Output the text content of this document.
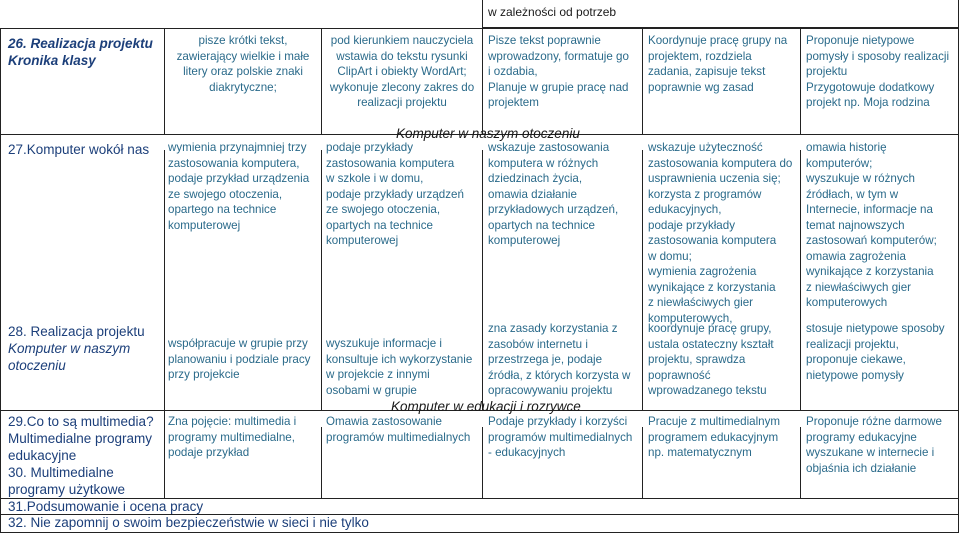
w zależności od potrzeb
26. Realizacja projektu
Kronika klasy
pisze krótki tekst,
zawierający wielkie i małe
litery oraz polskie znaki
diakrytyczne;
pod kierunkiem nauczyciela
wstawia do tekstu rysunki
ClipArt i obiekty WordArt;
wykonuje zlecony zakres do
realizacji projektu
Pisze tekst poprawnie
wprowadzony, formatuje go
i ozdabia,
Planuje w grupie pracę nad
projektem
Koordynuje pracę grupy na
projektem, rozdziela
zadania, zapisuje tekst
poprawnie wg zasad
Proponuje nietypowe
pomysły i sposoby realizacji
projektu
Przygotowuje dodatkowy
projekt np. Moja rodzina
Komputer w naszym otoczeniu
27.Komputer wokół nas wymienia przynajmniej trzy
zastosowania komputera,
podaje przykład urządzenia
ze swojego otoczenia,
opartego na technice
komputerowej
podaje przykłady
zastosowania komputera
w szkole i w domu,
podaje przykłady urządzeń
ze swojego otoczenia,
opartych na technice
komputerowej
wskazuje zastosowania
komputera w różnych
dziedzinach życia,
omawia działanie
przykładowych urządzeń,
opartych na technice
komputerowej
wskazuje użyteczność
zastosowania komputera do
usprawnienia uczenia się;
korzysta z programów
edukacyjnych,
podaje przykłady
zastosowania komputera
w domu;
wymienia zagrożenia
wynikające z korzystania
z niewłaściwych gier
komputerowych,
omawia historię
komputerów;
wyszukuje w różnych
źródłach, w tym w
Internecie, informacje na
temat najnowszych
zastosowań komputerów;
omawia zagrożenia
wynikające z korzystania
z niewłaściwych gier
komputerowych
28. Realizacja projektu
Komputer w naszym
otoczeniu
współpracuje w grupie przy
planowaniu i podziale pracy
przy projekcie
wyszukuje informacje i
konsultuje ich wykorzystanie
w projekcie z innymi
osobami w grupie
zna zasady korzystania z
zasobów internetu i
przestrzega je, podaje
źródła, z których korzysta w
opracowywaniu projektu
koordynuje pracę grupy,
ustala ostateczny kształt
projektu, sprawdza
poprawność
wprowadzanego tekstu
stosuje nietypowe sposoby
realizacji projektu,
proponuje ciekawe,
nietypowe pomysły
Komputer w edukacji i rozrywce
29.Co to są multimedia?
Multimedialne programy
edukacyjne
30. Multimedialne
programy użytkowe
Zna pojęcie: multimedia i
programy multimedialne,
podaje przykład
Omawia zastosowanie
programów multimedialnych
Podaje przykłady i korzyści
programów multimedialnych
- edukacyjnych
Pracuje z multimedialnym
programem edukacyjnym
np. matematycznym
Proponuje różne darmowe
programy edukacyjne
wyszukane w internecie i
objaśnia ich działanie
31.Podsumowanie i ocena pracy
32. Nie zapomnij o swoim bezpieczeństwie w sieci i nie tylko
